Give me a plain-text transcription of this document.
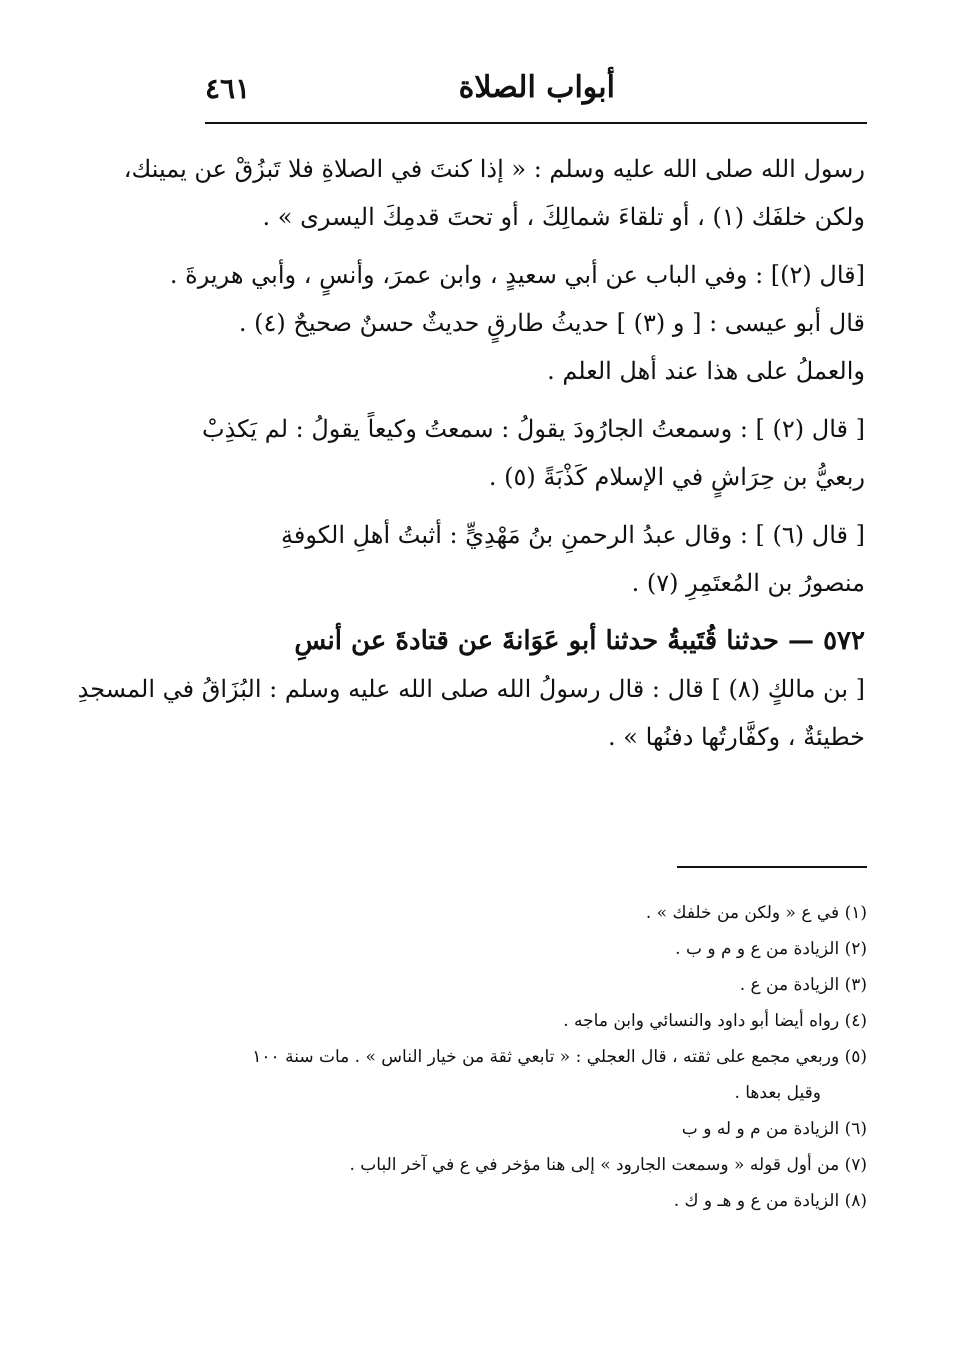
أبواب الصلاة
٤٦١
رسول الله صلى الله عليه وسلم : « إذا كنتَ في الصلاةِ فلا تَبزُقْ عن يمينك،
ولكن خلفَك (١) ، أو تلقاءَ شمالِكَ ، أو تحتَ قدمِكَ اليسرى » .
[قال (٢)] : وفي الباب عن أبي سعيدٍ ، وابن عمرَ، وأنسٍ ، وأبي هريرةَ .
قال أبو عيسى : [ و (٣) ] حديثُ طارقٍ حديثٌ حسنٌ صحيحٌ (٤) .
والعملُ على هذا عند أهل العلم .
[ قال (٢) ] : وسمعتُ الجارُودَ يقولُ : سمعتُ وكيعاً يقولُ : لم يَكذِبْ
ربعيُّ بن حِرَاشٍ في الإسلام كَذْبَةً (٥) .
[ قال (٦) ] : وقال عبدُ الرحمنِ بنُ مَهْدِيٍّ : أثبتُ أهلِ الكوفةِ
منصورُ بن المُعتَمِرِ (٧) .
٥٧٢ — حدثنا قُتَيبةُ حدثنا أبو عَوَانةَ عن قتادةَ عن أنسِ
[ بن مالكٍ (٨) ] قال : قال رسولُ الله صلى الله عليه وسلم : البُزَاقُ في المسجدِ
خطيئةٌ ، وكفَّارتُها دفنُها » .
(١) في ع « ولكن من خلفك » .
(٢) الزيادة من ع و م و ب .
(٣) الزيادة من ع .
(٤) رواه أيضا أبو داود والنسائي وابن ماجه .
(٥) وربعي مجمع على ثقته ، قال العجلي : « تابعي ثقة من خيار الناس » . مات سنة ١٠٠
وقيل بعدها .
(٦) الزيادة من م و له و ب
(٧) من أول قوله « وسمعت الجارود » إلى هنا مؤخر في ع في آخر الباب .
(٨) الزيادة من ع و هـ و ك .
